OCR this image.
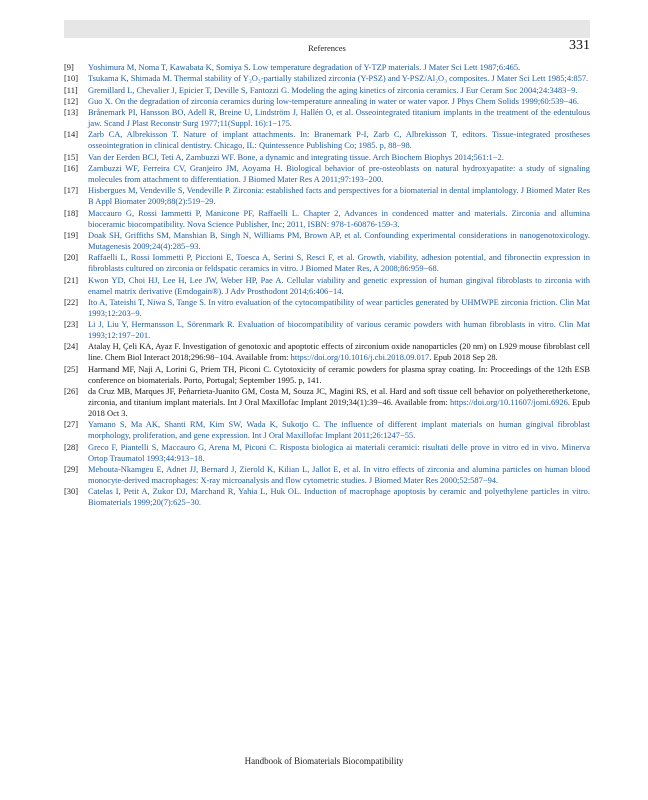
References	331
[9] Yoshimura M, Noma T, Kawabata K, Somiya S. Low temperature degradation of Y-TZP materials. J Mater Sci Lett 1987;6:465.
[10] Tsukama K, Shimada M. Thermal stability of Y₂O₃-partially stabilized zirconia (Y-PSZ) and Y-PSZ/Al₂O₃ composites. J Mater Sci Lett 1985;4:857.
[11] Gremillard L, Chevalier J, Epicier T, Deville S, Fantozzi G. Modeling the aging kinetics of zirconia ceramics. J Eur Ceram Soc 2004;24:3483−9.
[12] Guo X. On the degradation of zirconia ceramics during low-temperature annealing in water or water vapor. J Phys Chem Solids 1999;60:539−46.
[13] Brånemark PI, Hansson BO, Adell R, Breine U, Lindström J, Hallén O, et al. Osseointegrated titanium implants in the treatment of the edentulous jaw. Scand J Plast Reconstr Surg 1977;11(Suppl. 16):1−175.
[14] Zarb CA, Albrekisson T. Nature of implant attachments. In: Branemark P-I, Zarb C, Albrekisson T, editors. Tissue-integrated prostheses osseointegration in clinical dentistry. Chicago, IL: Quintessence Publishing Co; 1985. p, 88−98.
[15] Van der Eerden BCJ, Teti A, Zambuzzi WF. Bone, a dynamic and integrating tissue. Arch Biochem Biophys 2014;561:1−2.
[16] Zambuzzi WF, Ferreira CV, Granjeiro JM, Aoyama H. Biological behavior of pre-osteoblasts on natural hydroxyapatite: a study of signaling molecules from attachment to differentiation. J Biomed Mater Res A 2011;97:193−200.
[17] Hisbergues M, Vendeville S, Vendeville P. Zirconia: established facts and perspectives for a biomaterial in dental implantology. J Biomed Mater Res B Appl Biomater 2009;88(2):519−29.
[18] Maccauro G, Rossi Iammetti P, Manicone PF, Raffaelli L. Chapter 2, Advances in condenced matter and materials. Zirconia and allumina bioceramic biocompatibility. Nova Science Publisher, Inc; 2011, ISBN: 978-1-60876-159-3.
[19] Doak SH, Griffiths SM, Manshian B, Singh N, Williams PM, Brown AP, et al. Confounding experimental considerations in nanogenotoxicology. Mutagenesis 2009;24(4):285−93.
[20] Raffaelli L, Rossi Iommetti P, Piccioni E, Toesca A, Serini S, Resci F, et al. Growth, viability, adhesion potential, and fibronectin expression in fibroblasts cultured on zirconia or feldspatic ceramics in vitro. J Biomed Mater Res, A 2008;86:959−68.
[21] Kwon YD, Choi HJ, Lee H, Lee JW, Weber HP, Pae A. Cellular viability and genetic expression of human gingival fibroblasts to zirconia with enamel matrix derivative (Emdogain®). J Adv Prosthodont 2014;6:406−14.
[22] Ito A, Tateishi T, Niwa S, Tange S. In vitro evaluation of the cytocompatibility of wear particles generated by UHMWPE zirconia friction. Clin Mat 1993;12:203−9.
[23] Li J, Liu Y, Hermansson L, Sörenmark R. Evaluation of biocompatibility of various ceramic powders with human fibroblasts in vitro. Clin Mat 1993;12:197−201.
[24] Atalay H, Çeli KA, Ayaz F. Investigation of genotoxic and apoptotic effects of zirconium oxide nanoparticles (20 nm) on L929 mouse fibroblast cell line. Chem Biol Interact 2018;296:98−104. Available from: https://doi.org/10.1016/j.cbi.2018.09.017. Epub 2018 Sep 28.
[25] Harmand MF, Naji A, Lorini G, Priem TH, Piconi C. Cytotoxicity of ceramic powders for plasma spray coating. In: Proceedings of the 12th ESB conference on biomaterials. Porto, Portugal; September 1995. p, 141.
[26] da Cruz MB, Marques JF, Peñarrieta-Juanito GM, Costa M, Souza JC, Magini RS, et al. Hard and soft tissue cell behavior on polyetheretherketone, zirconia, and titanium implant materials. Int J Oral Maxillofac Implant 2019;34(1):39−46. Available from: https://doi.org/10.11607/jomi.6926. Epub 2018 Oct 3.
[27] Yamano S, Ma AK, Shanti RM, Kim SW, Wada K, Sukotjo C. The influence of different implant materials on human gingival fibroblast morphology, proliferation, and gene expression. Int J Oral Maxillofac Implant 2011;26:1247−55.
[28] Greco F, Piantelli S, Maccauro G, Arena M, Piconi C. Risposta biologica ai materiali ceramici: risultati delle prove in vitro ed in vivo. Minerva Ortop Traumatol 1993;44:913−18.
[29] Mebouta-Nkamgeu E, Adnet JJ, Bernard J, Zierold K, Kilian L, Jallot E, et al. In vitro effects of zirconia and alumina particles on human blood monocyte-derived macrophages: X-ray microanalysis and flow cytometric studies. J Biomed Mater Res 2000;52:587−94.
[30] Catelas I, Petit A, Zukor DJ, Marchand R, Yahia L, Huk OL. Induction of macrophage apoptosis by ceramic and polyethylene particles in vitro. Biomaterials 1999;20(7):625−30.
Handbook of Biomaterials Biocompatibility
